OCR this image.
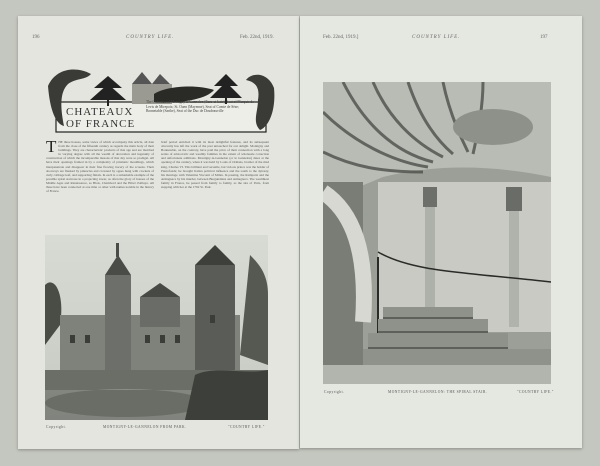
196	COUNTRY LIFE.	Feb. 22nd, 1919.
CHATEAUX
OF FRANCE
The Châteaux of Montigny le Gannelon (Eure-et-Loir), Seat of Marquis de Levis de Mirepoix; St. Ouen (Mayenne), Seat of Comte de Sèze; Bonnetable (Sarthe), Seat of the Duc de Doudeauville
T HE three houses, some views of which accompany this article, all date from the close of the fifteenth century as regards the main body of their buildings. They are characteristic products of that age and are matched in varying degree with all the wealth of decoration and ingenuity of construction of which the incomparable masons of that day were so prodigal. All have their openings framed in by a complexity of prismatic mouldings, which interpenetrate and disappear in their fine flowing tracery of the screens. Their doorways are flanked by pinnacles and crowned by ogees hung with crockets of curly cabbage leaf, and supporting finials. In each is a remarkable example of the possible spiral staircase in a projecting tower, as often the glory of houses of the Middle Ages and Renaissance, as Blois, Chambord and the Hôtel d'Alluye. All three have been connected at one time or other with names notable in the history of France.
brief period enriched it with its most delightful features, and its subsequent obscurity has left the work of the past untouched for our delight. Montigny and Bonnetable, on the contrary, have paid the price of their connection with a long series of aristocratic and wealthy families in the extent of wholesale correction and unfortunate additions. Montigny-le-Gannelon (or le Gannelon) dates at the opening of the century, when it was held by Louis of Orléans, brother of the mad king, Charles VI. This brilliant and versatile, but vicious prince was the holder of Pierrefonds; he brought Italian political influence and the south to the dynasty, his marriage with Valentina Visconti of Milan. In passing, the Ramparts and the Armagnacs by his murder, between Burgundians and Armagnacs. The wealthiest family in France, he passed from family to family, as the sire of Paris, from stepping with her at the 1762 St. Paul.
Copyright.	MONTIGNY-LE-GANNELON FROM PARK.	"COUNTRY LIFE."
Feb. 22nd, 1919.]	COUNTRY LIFE.	197
Copyright.	MONTIGNY-LE-GANNELON: THE SPIRAL STAIR.	"COUNTRY LIFE."
